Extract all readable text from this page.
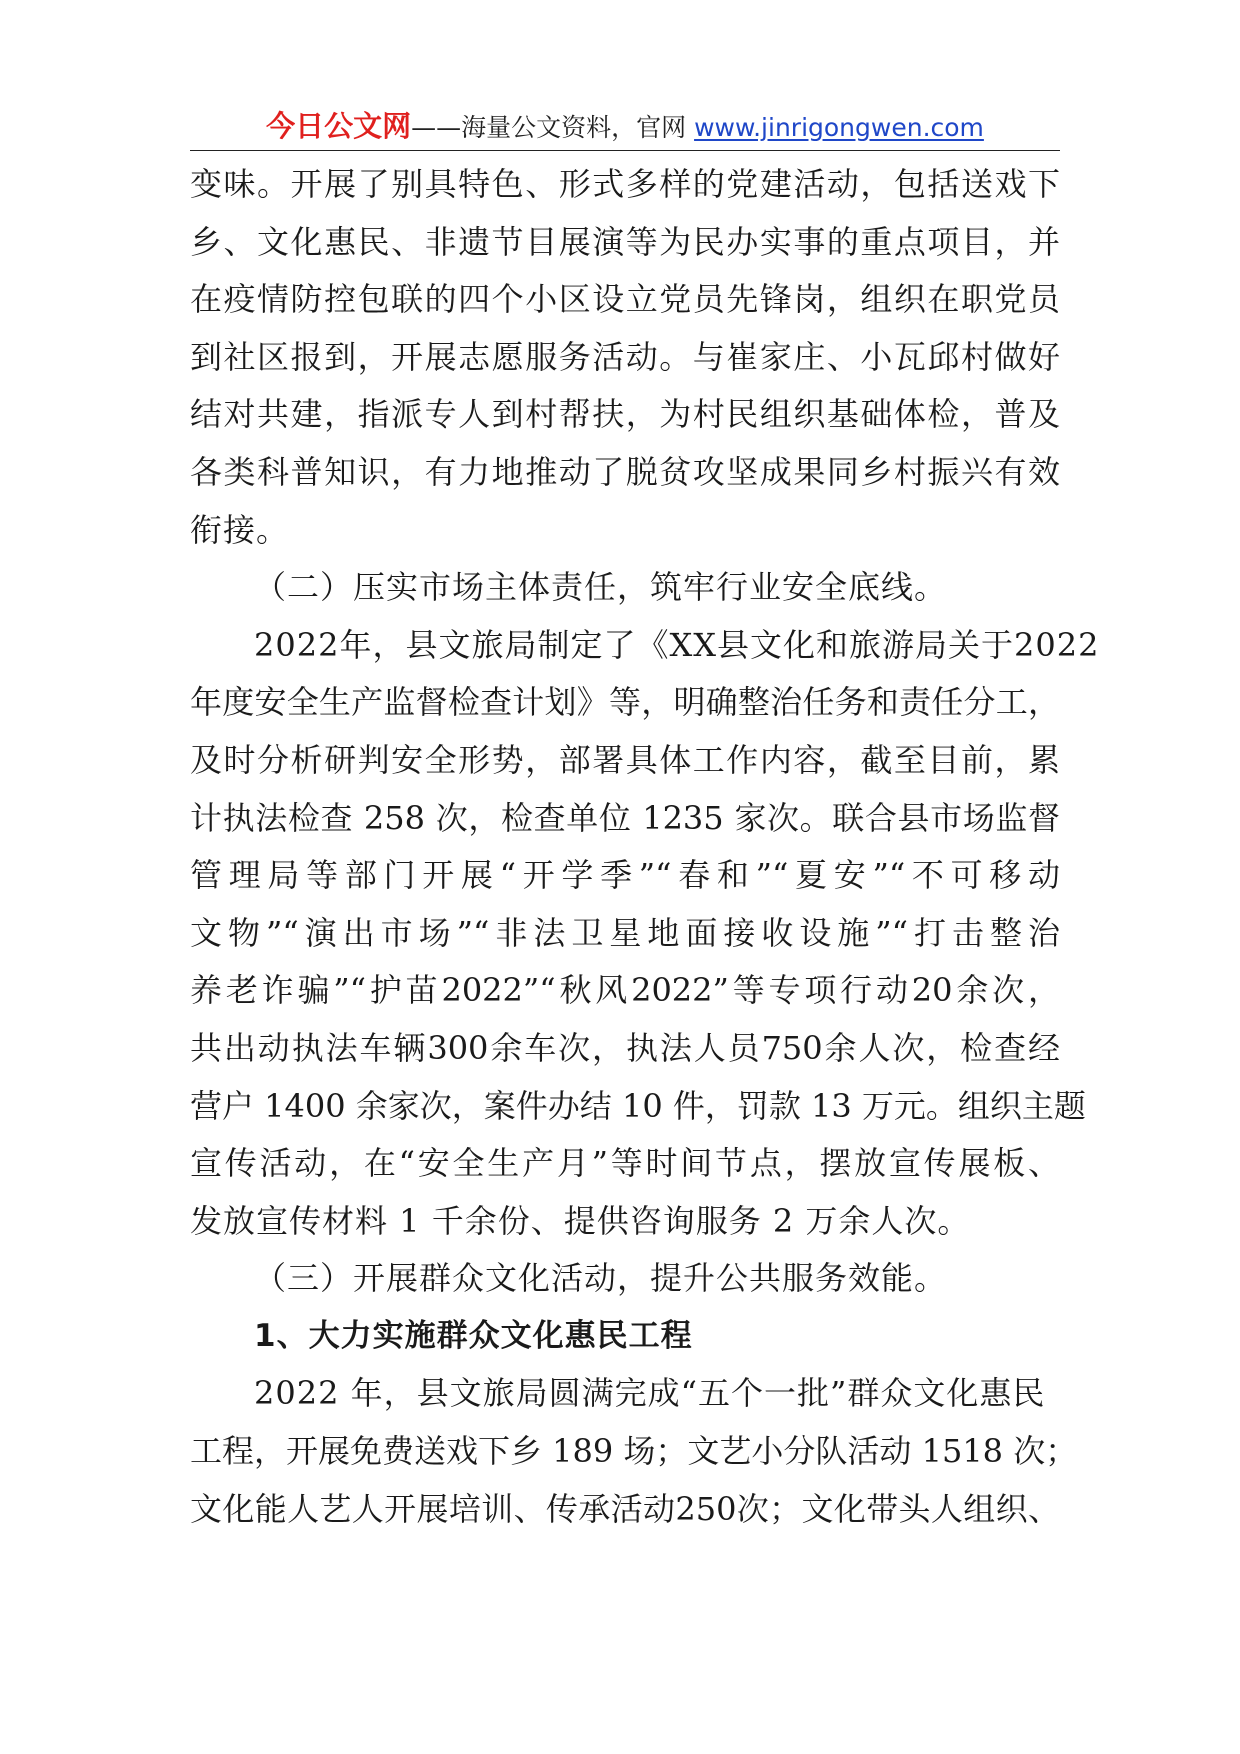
今日公文网——海量公文资料，官网 www.jinrigongwen.com
变味。开展了别具特色、形式多样的党建活动，包括送戏下
乡、文化惠民、非遗节目展演等为民办实事的重点项目，并
在疫情防控包联的四个小区设立党员先锋岗，组织在职党员
到社区报到，开展志愿服务活动。与崔家庄、小瓦邱村做好
结对共建，指派专人到村帮扶，为村民组织基础体检，普及
各类科普知识，有力地推动了脱贫攻坚成果同乡村振兴有效
衔接。
（二）压实市场主体责任，筑牢行业安全底线。
2022年，县文旅局制定了《XX县文化和旅游局关于2022
年度安全生产监督检查计划》等，明确整治任务和责任分工，
及时分析研判安全形势，部署具体工作内容，截至目前，累
计执法检查 258 次，检查单位 1235 家次。联合县市场监督
管理局等部门开展“开学季”“春和”“夏安”“不可移动
文物”“演出市场”“非法卫星地面接收设施”“打击整治
养老诈骗”“护苗2022”“秋风2022”等专项行动20余次，
共出动执法车辆300余车次，执法人员750余人次，检查经
营户 1400 余家次，案件办结 10 件，罚款 13 万元。组织主题
宣传活动，在“安全生产月”等时间节点，摆放宣传展板、
发放宣传材料 1 千余份、提供咨询服务 2 万余人次。
（三）开展群众文化活动，提升公共服务效能。
1、大力实施群众文化惠民工程
2022 年，县文旅局圆满完成“五个一批”群众文化惠民
工程，开展免费送戏下乡 189 场；文艺小分队活动 1518 次；
文化能人艺人开展培训、传承活动250次；文化带头人组织、
